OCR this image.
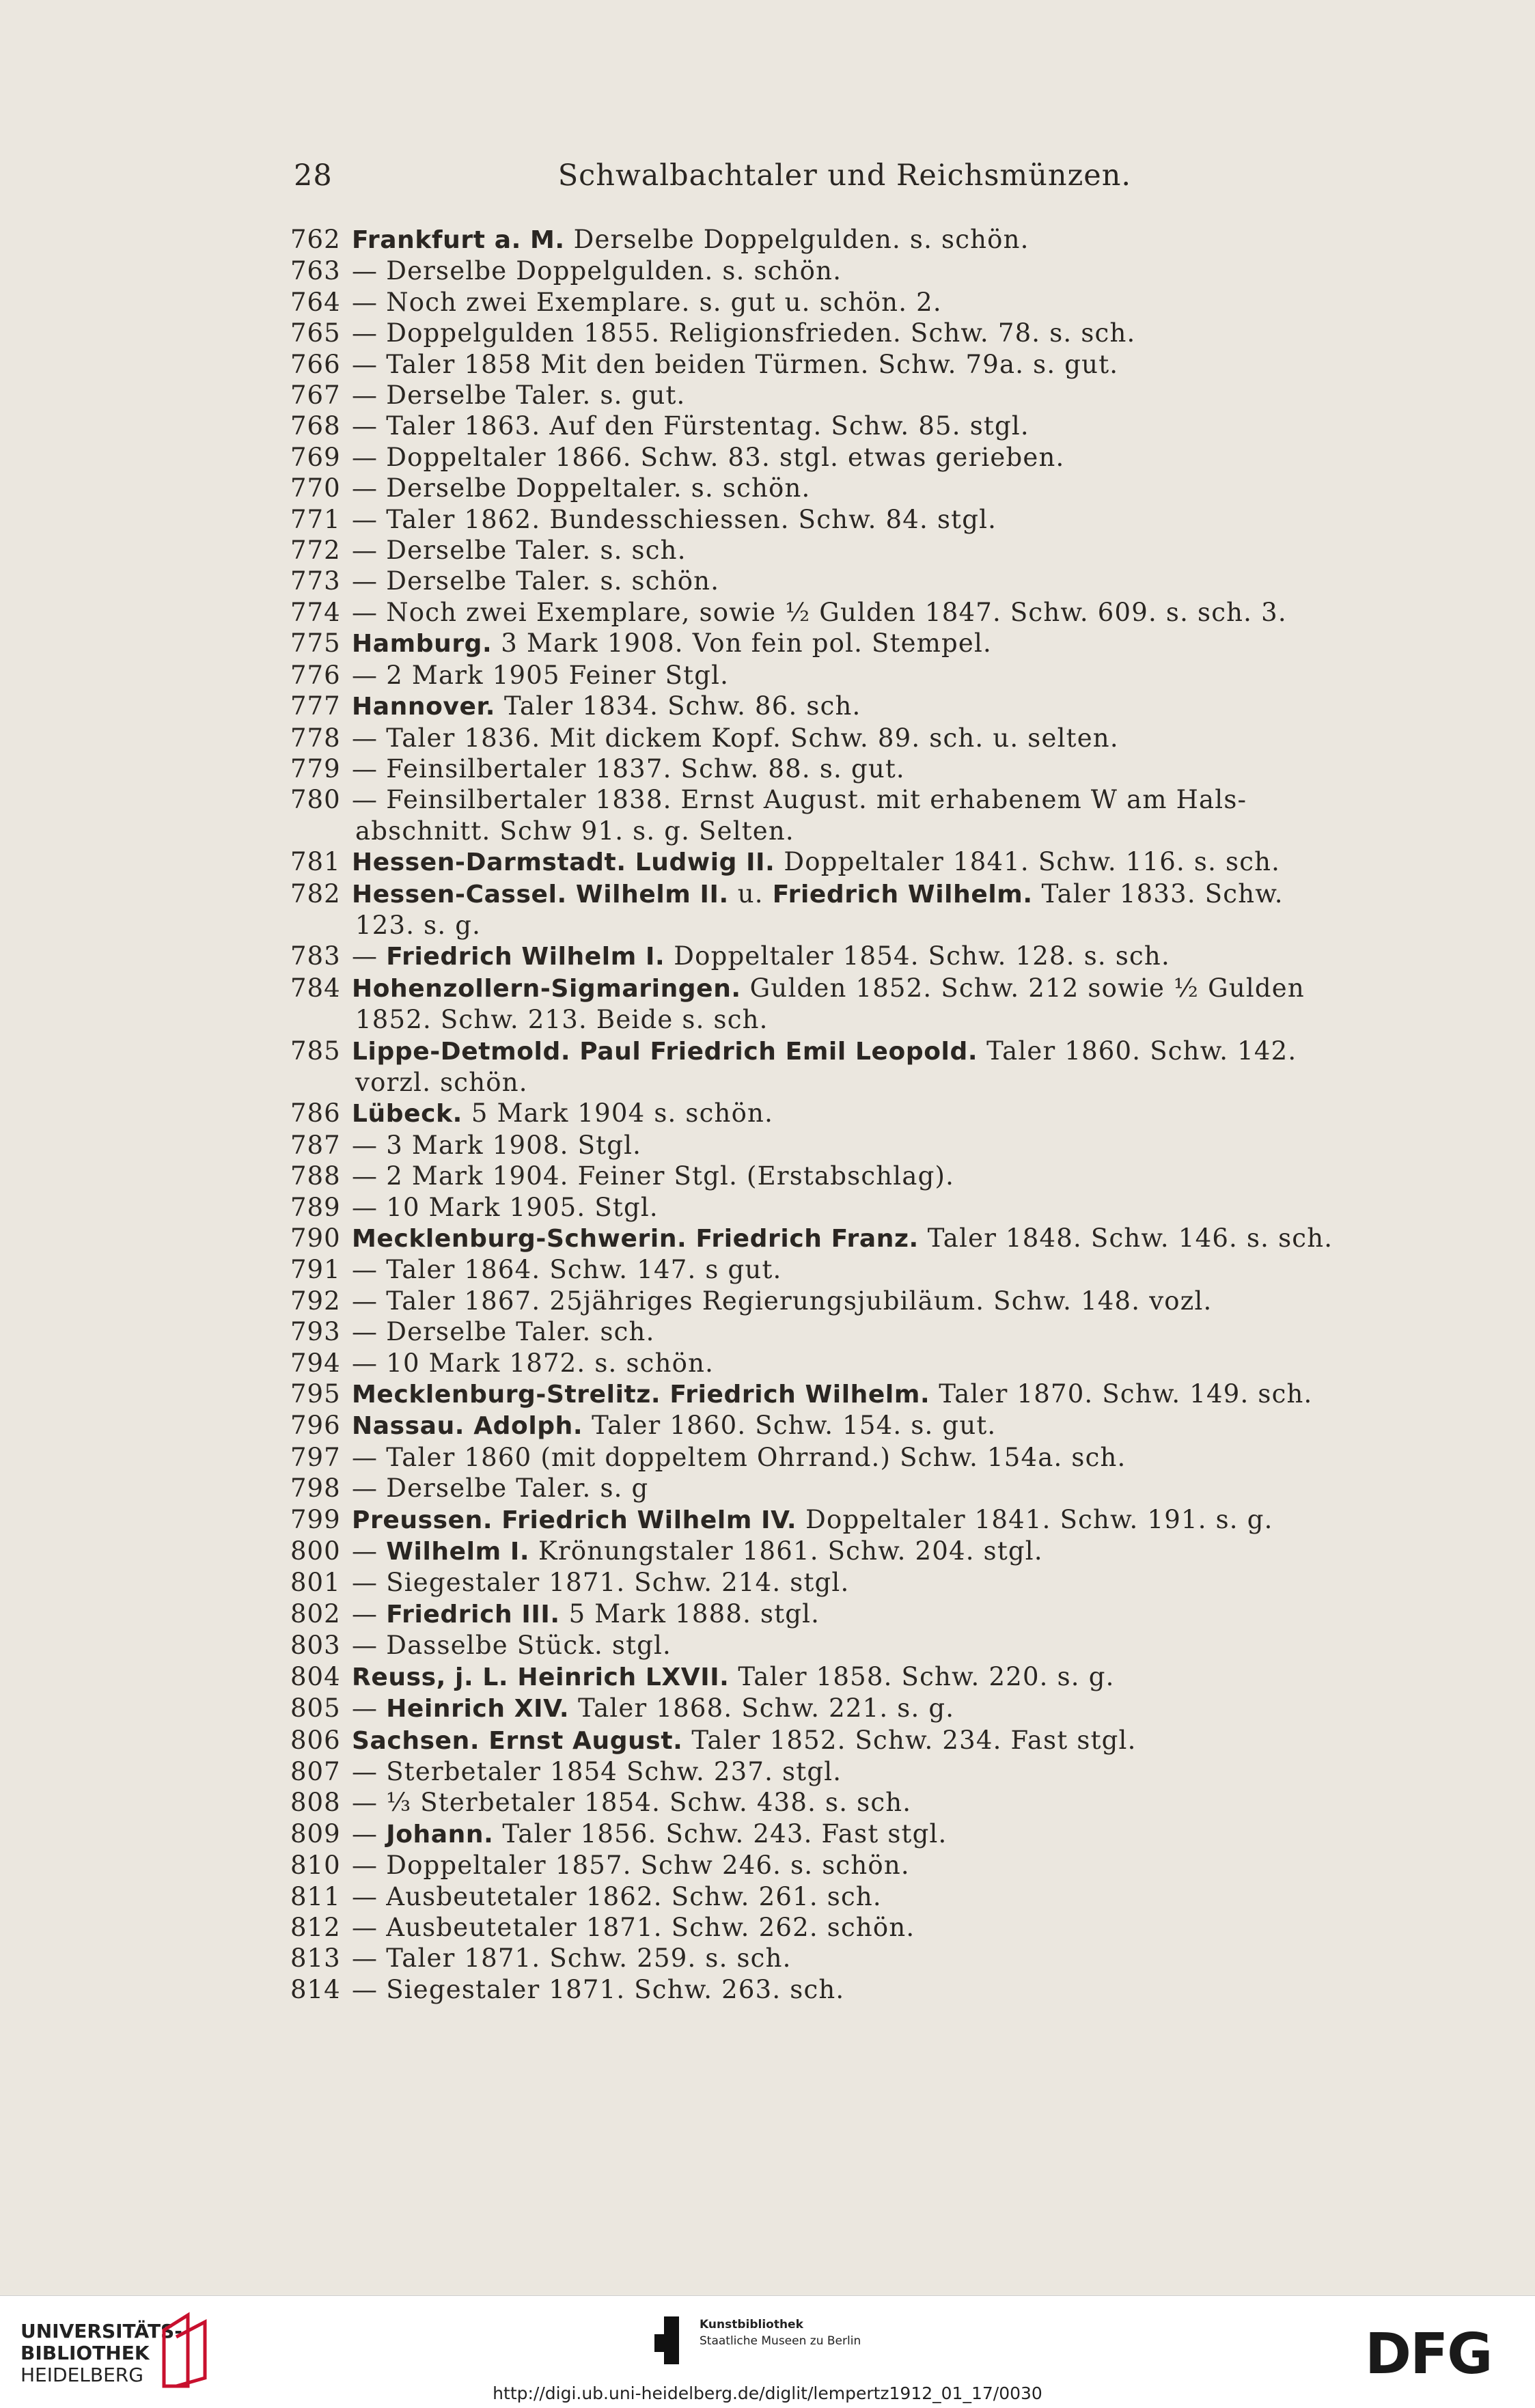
28	Schwalbachtaler und Reichsmünzen.
762 Frankfurt a. M. Derselbe Doppelgulden. s. schön.
763 — Derselbe Doppelgulden. s. schön.
764 — Noch zwei Exemplare. s. gut u. schön. 2.
765 — Doppelgulden 1855. Religionsfrieden. Schw. 78. s. sch.
766 — Taler 1858 Mit den beiden Türmen. Schw. 79a. s. gut.
767 — Derselbe Taler. s. gut.
768 — Taler 1863. Auf den Fürstentag. Schw. 85. stgl.
769 — Doppeltaler 1866. Schw. 83. stgl. etwas gerieben.
770 — Derselbe Doppeltaler. s. schön.
771 — Taler 1862. Bundesschiessen. Schw. 84. stgl.
772 — Derselbe Taler. s. sch.
773 — Derselbe Taler. s. schön.
774 — Noch zwei Exemplare, sowie ½ Gulden 1847. Schw. 609. s. sch. 3.
775 Hamburg. 3 Mark 1908. Von fein pol. Stempel.
776 — 2 Mark 1905 Feiner Stgl.
777 Hannover. Taler 1834. Schw. 86. sch.
778 — Taler 1836. Mit dickem Kopf. Schw. 89. sch. u. selten.
779 — Feinsilbertaler 1837. Schw. 88. s. gut.
780 — Feinsilbertaler 1838. Ernst August. mit erhabenem W am Hals-
abschnitt. Schw 91. s. g. Selten.
781 Hessen-Darmstadt. Ludwig II. Doppeltaler 1841. Schw. 116. s. sch.
782 Hessen-Cassel. Wilhelm II. u. Friedrich Wilhelm. Taler 1833. Schw.
123. s. g.
783 — Friedrich Wilhelm I. Doppeltaler 1854. Schw. 128. s. sch.
784 Hohenzollern-Sigmaringen. Gulden 1852. Schw. 212 sowie ½ Gulden
1852. Schw. 213. Beide s. sch.
785 Lippe-Detmold. Paul Friedrich Emil Leopold. Taler 1860. Schw. 142.
vorzl. schön.
786 Lübeck. 5 Mark 1904 s. schön.
787 — 3 Mark 1908. Stgl.
788 — 2 Mark 1904. Feiner Stgl. (Erstabschlag).
789 — 10 Mark 1905. Stgl.
790 Mecklenburg-Schwerin. Friedrich Franz. Taler 1848. Schw. 146. s. sch.
791 — Taler 1864. Schw. 147. s gut.
792 — Taler 1867. 25jähriges Regierungsjubiläum. Schw. 148. vozl.
793 — Derselbe Taler. sch.
794 — 10 Mark 1872. s. schön.
795 Mecklenburg-Strelitz. Friedrich Wilhelm. Taler 1870. Schw. 149. sch.
796 Nassau. Adolph. Taler 1860. Schw. 154. s. gut.
797 — Taler 1860 (mit doppeltem Ohrrand.) Schw. 154a. sch.
798 — Derselbe Taler. s. g
799 Preussen. Friedrich Wilhelm IV. Doppeltaler 1841. Schw. 191. s. g.
800 — Wilhelm I. Krönungstaler 1861. Schw. 204. stgl.
801 — Siegestaler 1871. Schw. 214. stgl.
802 — Friedrich III. 5 Mark 1888. stgl.
803 — Dasselbe Stück. stgl.
804 Reuss, j. L. Heinrich LXVII. Taler 1858. Schw. 220. s. g.
805 — Heinrich XIV. Taler 1868. Schw. 221. s. g.
806 Sachsen. Ernst August. Taler 1852. Schw. 234. Fast stgl.
807 — Sterbetaler 1854 Schw. 237. stgl.
808 — ⅓ Sterbetaler 1854. Schw. 438. s. sch.
809 — Johann. Taler 1856. Schw. 243. Fast stgl.
810 — Doppeltaler 1857. Schw 246. s. schön.
811 — Ausbeutetaler 1862. Schw. 261. sch.
812 — Ausbeutetaler 1871. Schw. 262. schön.
813 — Taler 1871. Schw. 259. s. sch.
814 — Siegestaler 1871. Schw. 263. sch.
UNIVERSITÄTS-
BIBLIOTHEK
HEIDELBERG
Kunstbibliothek
Staatliche Museen zu Berlin	DFG
http://digi.ub.uni-heidelberg.de/diglit/lempertz1912_01_17/0030
